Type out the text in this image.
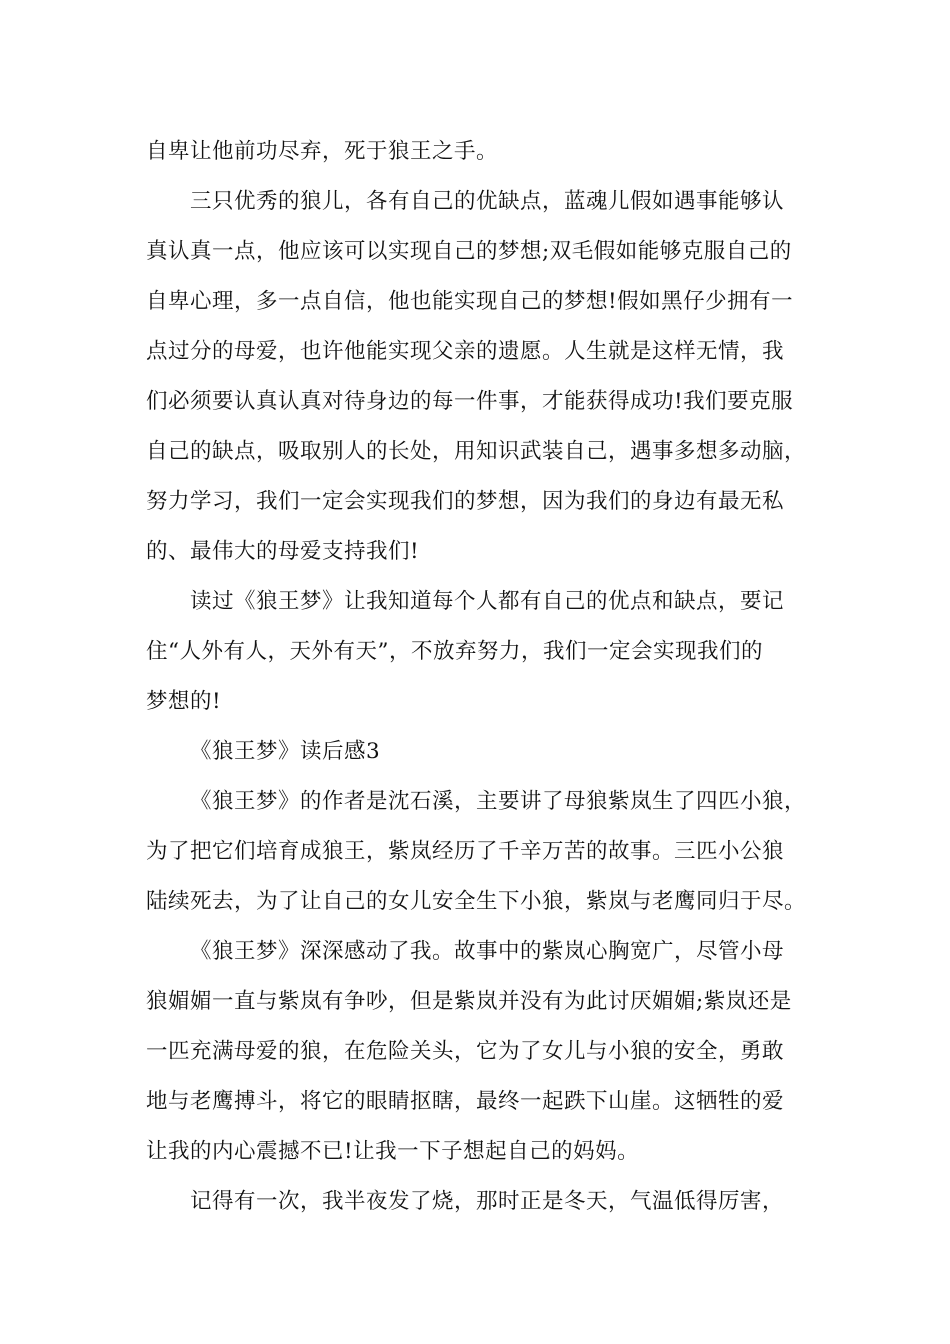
自卑让他前功尽弃，死于狼王之手。
三只优秀的狼儿，各有自己的优缺点，蓝魂儿假如遇事能够认
真认真一点，他应该可以实现自己的梦想;双毛假如能够克服自己的
自卑心理，多一点自信，他也能实现自己的梦想!假如黑仔少拥有一
点过分的母爱，也许他能实现父亲的遗愿。人生就是这样无情，我
们必须要认真认真对待身边的每一件事，才能获得成功!我们要克服
自己的缺点，吸取别人的长处，用知识武装自己，遇事多想多动脑，
努力学习，我们一定会实现我们的梦想，因为我们的身边有最无私
的、最伟大的母爱支持我们!
读过《狼王梦》让我知道每个人都有自己的优点和缺点，要记
住“人外有人，天外有天”，不放弃努力，我们一定会实现我们的
梦想的!
《狼王梦》读后感3
《狼王梦》的作者是沈石溪，主要讲了母狼紫岚生了四匹小狼，
为了把它们培育成狼王，紫岚经历了千辛万苦的故事。三匹小公狼
陆续死去，为了让自己的女儿安全生下小狼，紫岚与老鹰同归于尽。
《狼王梦》深深感动了我。故事中的紫岚心胸宽广，尽管小母
狼媚媚一直与紫岚有争吵，但是紫岚并没有为此讨厌媚媚;紫岚还是
一匹充满母爱的狼，在危险关头，它为了女儿与小狼的安全，勇敢
地与老鹰搏斗，将它的眼睛抠瞎，最终一起跌下山崖。这牺牲的爱
让我的内心震撼不已!让我一下子想起自己的妈妈。
记得有一次，我半夜发了烧，那时正是冬天，气温低得厉害，
